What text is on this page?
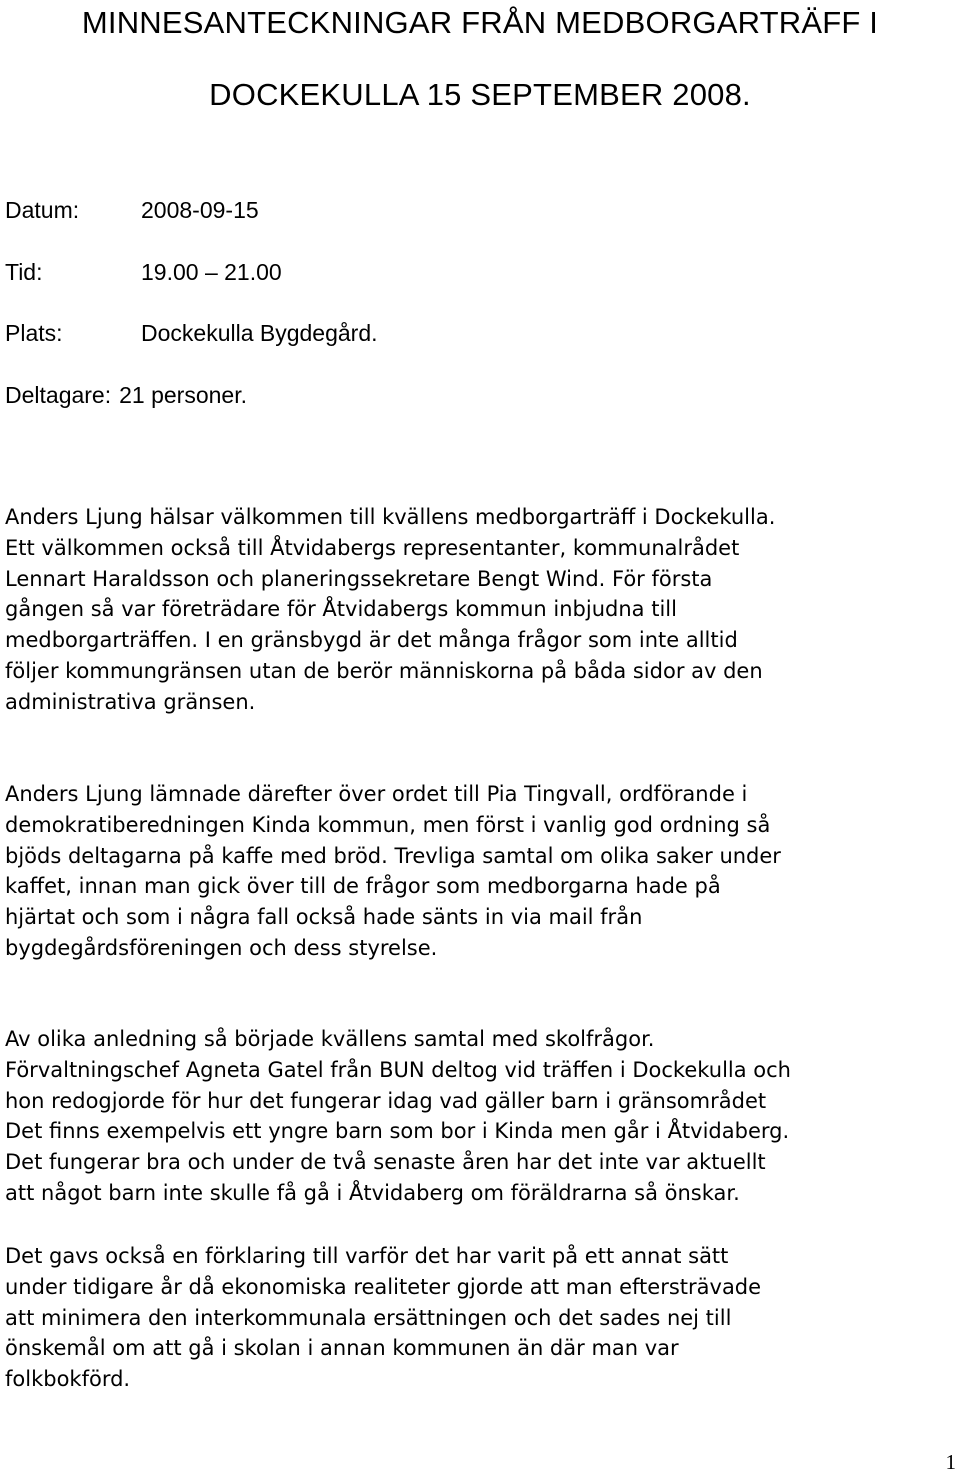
MINNESANTECKNINGAR FRÅN MEDBORGARTRÄFF I
DOCKEKULLA 15 SEPTEMBER 2008.
Datum:	2008-09-15
Tid:	19.00 – 21.00
Plats:	Dockekulla Bygdegård.
Deltagare: 21 personer.
Anders Ljung hälsar välkommen till kvällens medborgarträff i Dockekulla.
Ett välkommen också till Åtvidabergs representanter, kommunalrådet
Lennart Haraldsson och planeringssekretare Bengt Wind. För första
gången så var företrädare för Åtvidabergs kommun inbjudna till
medborgarträffen. I en gränsbygd är det många frågor som inte alltid
följer kommungränsen utan de berör människorna på båda sidor av den
administrativa gränsen.
Anders Ljung lämnade därefter över ordet till Pia Tingvall, ordförande i
demokratiberedningen Kinda kommun, men först i vanlig god ordning så
bjöds deltagarna på kaffe med bröd. Trevliga samtal om olika saker under
kaffet, innan man gick över till de frågor som medborgarna hade på
hjärtat och som i några fall också hade sänts in via mail från
bygdegårdsföreningen och dess styrelse.
Av olika anledning så började kvällens samtal med skolfrågor.
Förvaltningschef Agneta Gatel från BUN deltog vid träffen i Dockekulla och
hon redogjorde för hur det fungerar idag vad gäller barn i gränsområdet
Det finns exempelvis ett yngre barn som bor i Kinda men går i Åtvidaberg.
Det fungerar bra och under de två senaste åren har det inte var aktuellt
att något barn inte skulle få gå i Åtvidaberg om föräldrarna så önskar.
Det gavs också en förklaring till varför det har varit på ett annat sätt
under tidigare år då ekonomiska realiteter gjorde att man eftersträvade
att minimera den interkommunala ersättningen och det sades nej till
önskemål om att gå i skolan i annan kommunen än där man var
folkbokförd.
1
